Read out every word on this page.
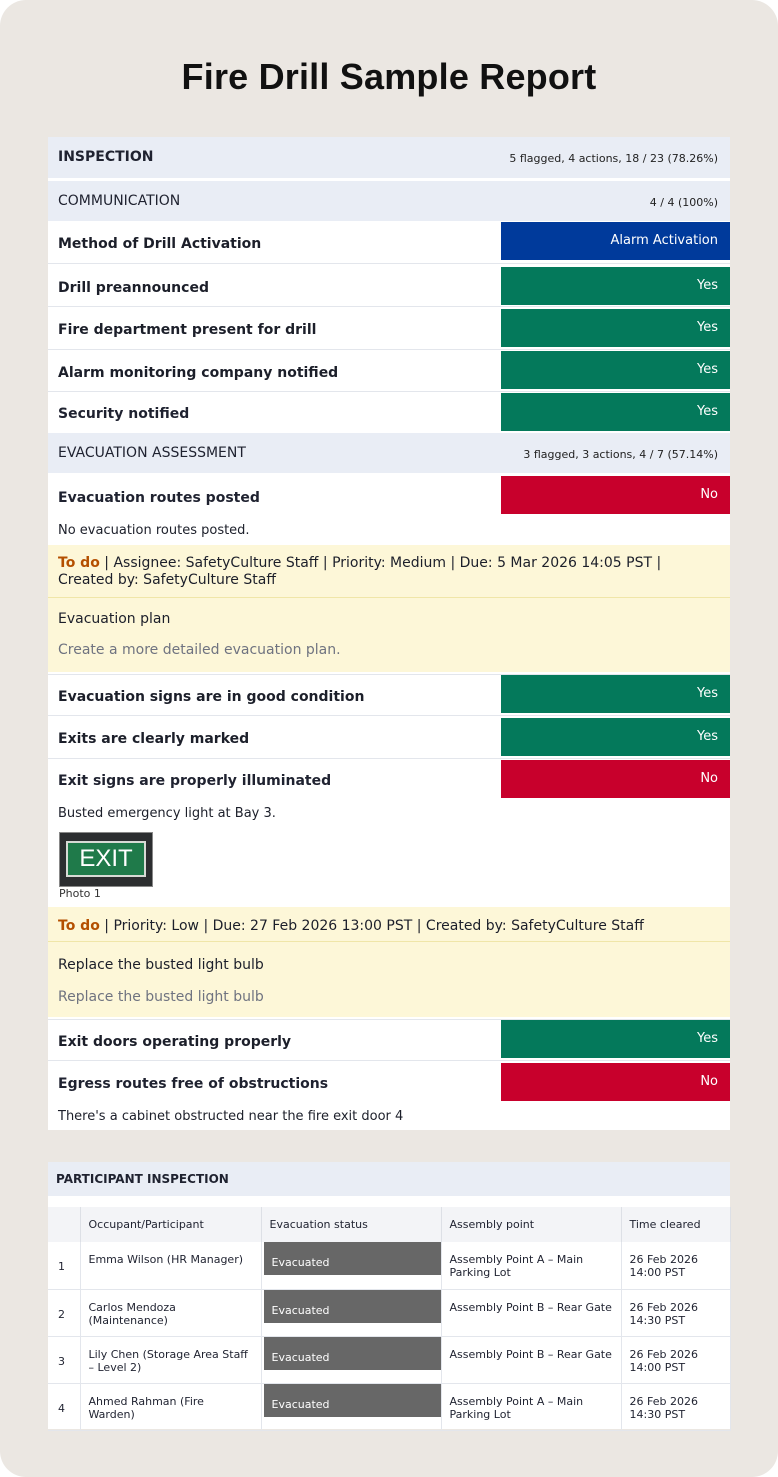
Fire Drill Sample Report
INSPECTION	5 flagged, 4 actions, 18 / 23 (78.26%)
COMMUNICATION	4 / 4 (100%)
Method of Drill Activation	Alarm Activation
Drill preannounced	Yes
Fire department present for drill	Yes
Alarm monitoring company notified	Yes
Security notified	Yes
EVACUATION ASSESSMENT	3 flagged, 3 actions, 4 / 7 (57.14%)
Evacuation routes posted	No
No evacuation routes posted.
To do | Assignee: SafetyCulture Staff | Priority: Medium | Due: 5 Mar 2026 14:05 PST |
Created by: SafetyCulture Staff
Evacuation plan
Create a more detailed evacuation plan.
Evacuation signs are in good condition	Yes
Exits are clearly marked	Yes
Exit signs are properly illuminated	No
Busted emergency light at Bay 3.
EXIT
Photo 1
To do | Priority: Low | Due: 27 Feb 2026 13:00 PST | Created by: SafetyCulture Staff
Replace the busted light bulb
Replace the busted light bulb
Exit doors operating properly	Yes
Egress routes free of obstructions	No
There's a cabinet obstructed near the fire exit door 4
PARTICIPANT INSPECTION
	Occupant/Participant	Evacuation status	Assembly point	Time cleared
1	Emma Wilson (HR Manager)	Evacuated	Assembly Point A – Main Parking Lot	26 Feb 2026 14:00 PST
2	Carlos Mendoza (Maintenance)	Evacuated	Assembly Point B – Rear Gate	26 Feb 2026 14:30 PST
3	Lily Chen (Storage Area Staff – Level 2)	Evacuated	Assembly Point B – Rear Gate	26 Feb 2026 14:00 PST
4	Ahmed Rahman (Fire Warden)	Evacuated	Assembly Point A – Main Parking Lot	26 Feb 2026 14:30 PST
